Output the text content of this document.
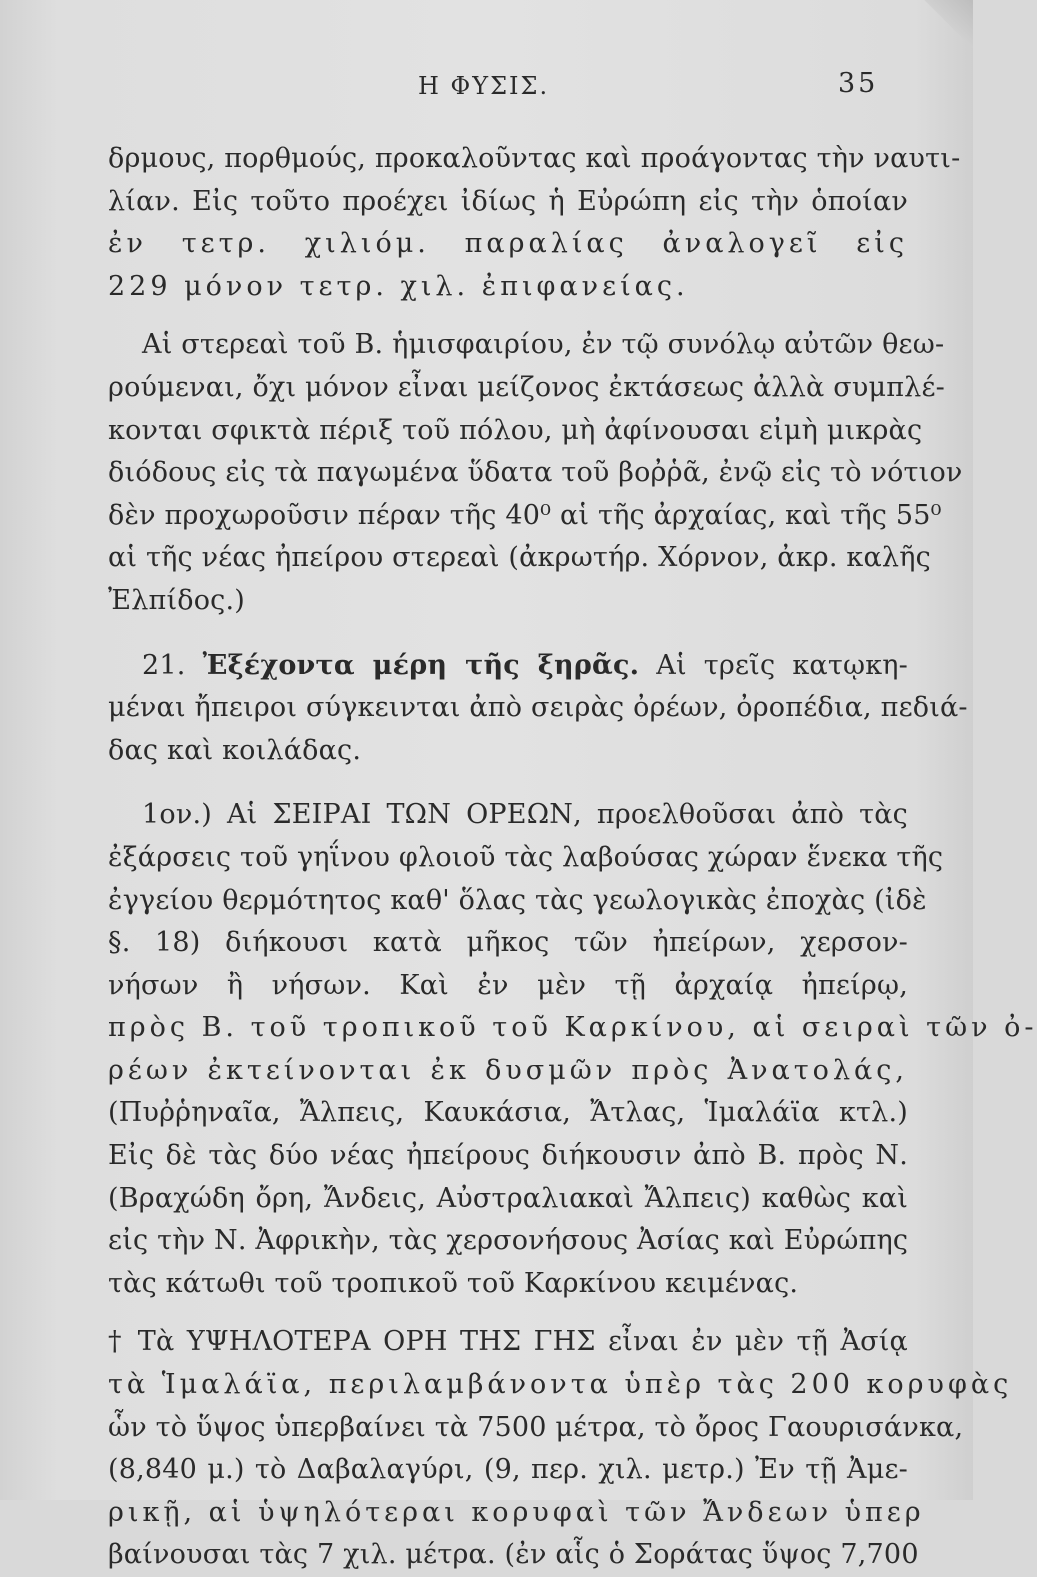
Η ΦΥΣΙΣ.	35
δρμους, πορθμούς, προκαλοῦντας καὶ προάγοντας τὴν ναυτι-
λίαν. Εἰς τοῦτο προέχει ἰδίως ἡ Εὐρώπη εἰς τὴν ὁποίαν
ἐν τετρ. χιλιόμ. παραλίας ἀναλογεῖ εἰς
229 μόνον τετρ. χιλ. ἐπιφανείας.
Αἱ στερεαὶ τοῦ Β. ἡμισφαιρίου, ἐν τῷ συνόλῳ αὐτῶν θεω-
ρούμεναι, ὄχι μόνον εἶναι μείζονος ἐκτάσεως ἀλλὰ συμπλέ-
κονται σφικτὰ πέριξ τοῦ πόλου, μὴ ἀφίνουσαι εἰμὴ μικρὰς
διόδους εἰς τὰ παγωμένα ὕδατα τοῦ βοῤῥᾶ, ἐνῷ εἰς τὸ νότιον
δὲν προχωροῦσιν πέραν τῆς 40⁰ αἱ τῆς ἀρχαίας, καὶ τῆς 55⁰
αἱ τῆς νέας ἠπείρου στερεαὶ (ἀκρωτήρ. Χόρνον, ἀκρ. καλῆς
Ἐλπίδος.)
21. Ἐξέχοντα μέρη τῆς ξηρᾶς. Αἱ τρεῖς κατῳκη-
μέναι ἤπειροι σύγκεινται ἀπὸ σειρὰς ὀρέων, ὀροπέδια, πεδιά-
δας καὶ κοιλάδας.
1ον.) Αἱ ΣΕΙΡΑΙ ΤΩΝ ΟΡΕΩΝ, προελθοῦσαι ἀπὸ τὰς
ἐξάρσεις τοῦ γηΐνου φλοιοῦ τὰς λαβούσας χώραν ἕνεκα τῆς
ἐγγείου θερμότητος καθ' ὅλας τὰς γεωλογικὰς ἐποχὰς (ἰδὲ
§. 18) διήκουσι κατὰ μῆκος τῶν ἠπείρων, χερσον-
νήσων ἢ νήσων. Καὶ ἐν μὲν τῇ ἀρχαίᾳ ἠπείρῳ,
πρὸς Β. τοῦ τροπικοῦ τοῦ Καρκίνου, αἱ σειραὶ τῶν ὀ-
ρέων ἐκτείνονται ἐκ δυσμῶν πρὸς Ἀνατολάς,
(Πυῤῥηναῖα, Ἄλπεις, Καυκάσια, Ἄτλας, Ἱμαλάϊα κτλ.)
Εἰς δὲ τὰς δύο νέας ἠπείρους διήκουσιν ἀπὸ Β. πρὸς Ν.
(Βραχώδη ὄρη, Ἄνδεις, Αὐστραλιακαὶ Ἄλπεις) καθὼς καὶ
εἰς τὴν Ν. Ἀφρικὴν, τὰς χερσονήσους Ἀσίας καὶ Εὐρώπης
τὰς κάτωθι τοῦ τροπικοῦ τοῦ Καρκίνου κειμένας.
† Τὰ ΥΨΗΛΟΤΕΡΑ ΟΡΗ ΤΗΣ ΓΗΣ εἶναι ἐν μὲν τῇ Ἀσίᾳ
τὰ Ἱμαλάϊα, περιλαμβάνοντα ὑπὲρ τὰς 200 κορυφὰς
ὧν τὸ ὕψος ὑπερβαίνει τὰ 7500 μέτρα, τὸ ὄρος Γαουρισάνκα,
(8,840 μ.) τὸ Δαβαλαγύρι, (9, περ. χιλ. μετρ.) Ἐν τῇ Ἀμε-
ρικῇ, αἱ ὑψηλότεραι κορυφαὶ τῶν Ἄνδεων ὑπερ
βαίνουσαι τὰς 7 χιλ. μέτρα. (ἐν αἷς ὁ Σοράτας ὕψος 7,700
